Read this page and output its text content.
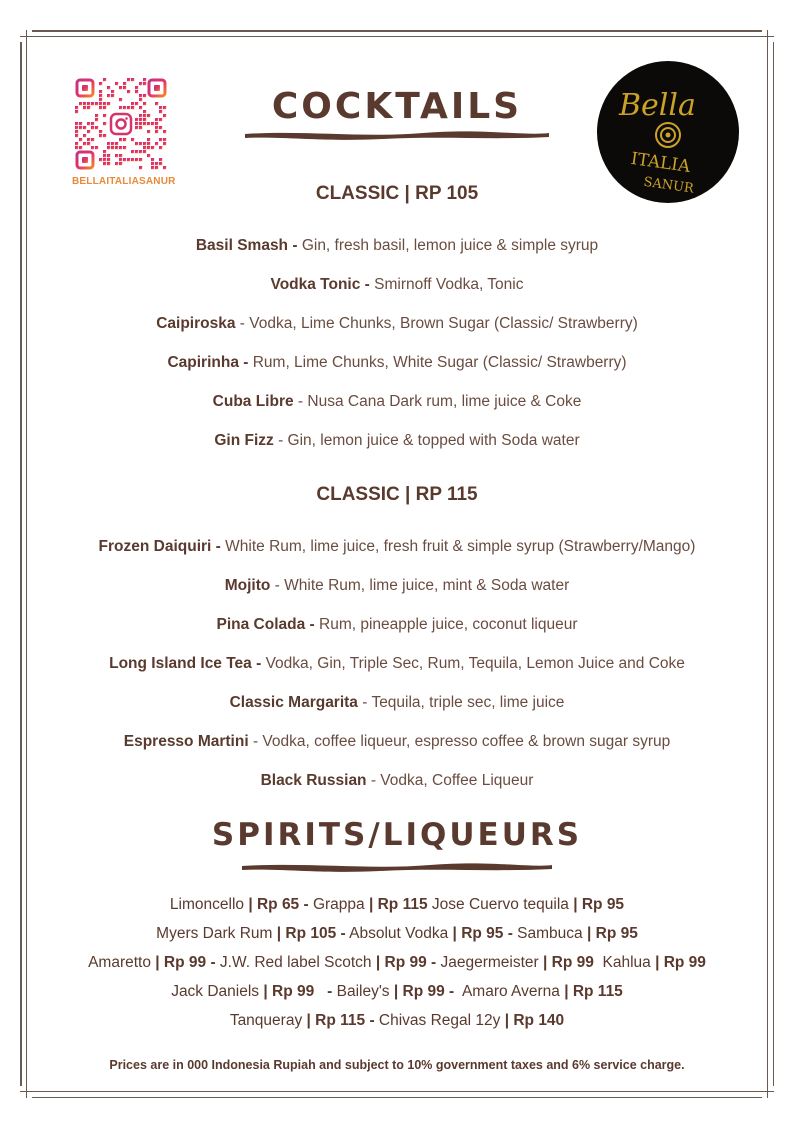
BELLAITALIASANUR
Bella
ITALIA
SANUR
COCKTAILS
CLASSIC | RP 105
Basil Smash - Gin, fresh basil, lemon juice & simple syrup
Vodka Tonic - Smirnoff Vodka, Tonic
Caipiroska - Vodka, Lime Chunks, Brown Sugar (Classic/ Strawberry)
Capirinha - Rum, Lime Chunks, White Sugar (Classic/ Strawberry)
Cuba Libre - Nusa Cana Dark rum, lime juice & Coke
Gin Fizz - Gin, lemon juice & topped with Soda water
CLASSIC | RP 115
Frozen Daiquiri - White Rum, lime juice, fresh fruit & simple syrup (Strawberry/Mango)
Mojito - White Rum, lime juice, mint & Soda water
Pina Colada - Rum, pineapple juice, coconut liqueur
Long Island Ice Tea - Vodka, Gin, Triple Sec, Rum, Tequila, Lemon Juice and Coke
Classic Margarita - Tequila, triple sec, lime juice
Espresso Martini - Vodka, coffee liqueur, espresso coffee & brown sugar syrup
Black Russian - Vodka, Coffee Liqueur
SPIRITS/LIQUEURS
Limoncello | Rp 65 - Grappa | Rp 115 Jose Cuervo tequila | Rp 95
Myers Dark Rum | Rp 105 - Absolut Vodka | Rp 95 - Sambuca | Rp 95
Amaretto | Rp 99 - J.W. Red label Scotch | Rp 99 - Jaegermeister | Rp 99  Kahlua | Rp 99
Jack Daniels | Rp 99   - Bailey's | Rp 99 -  Amaro Averna | Rp 115
Tanqueray | Rp 115 - Chivas Regal 12y | Rp 140
Prices are in 000 Indonesia Rupiah and subject to 10% government taxes and 6% service charge.
